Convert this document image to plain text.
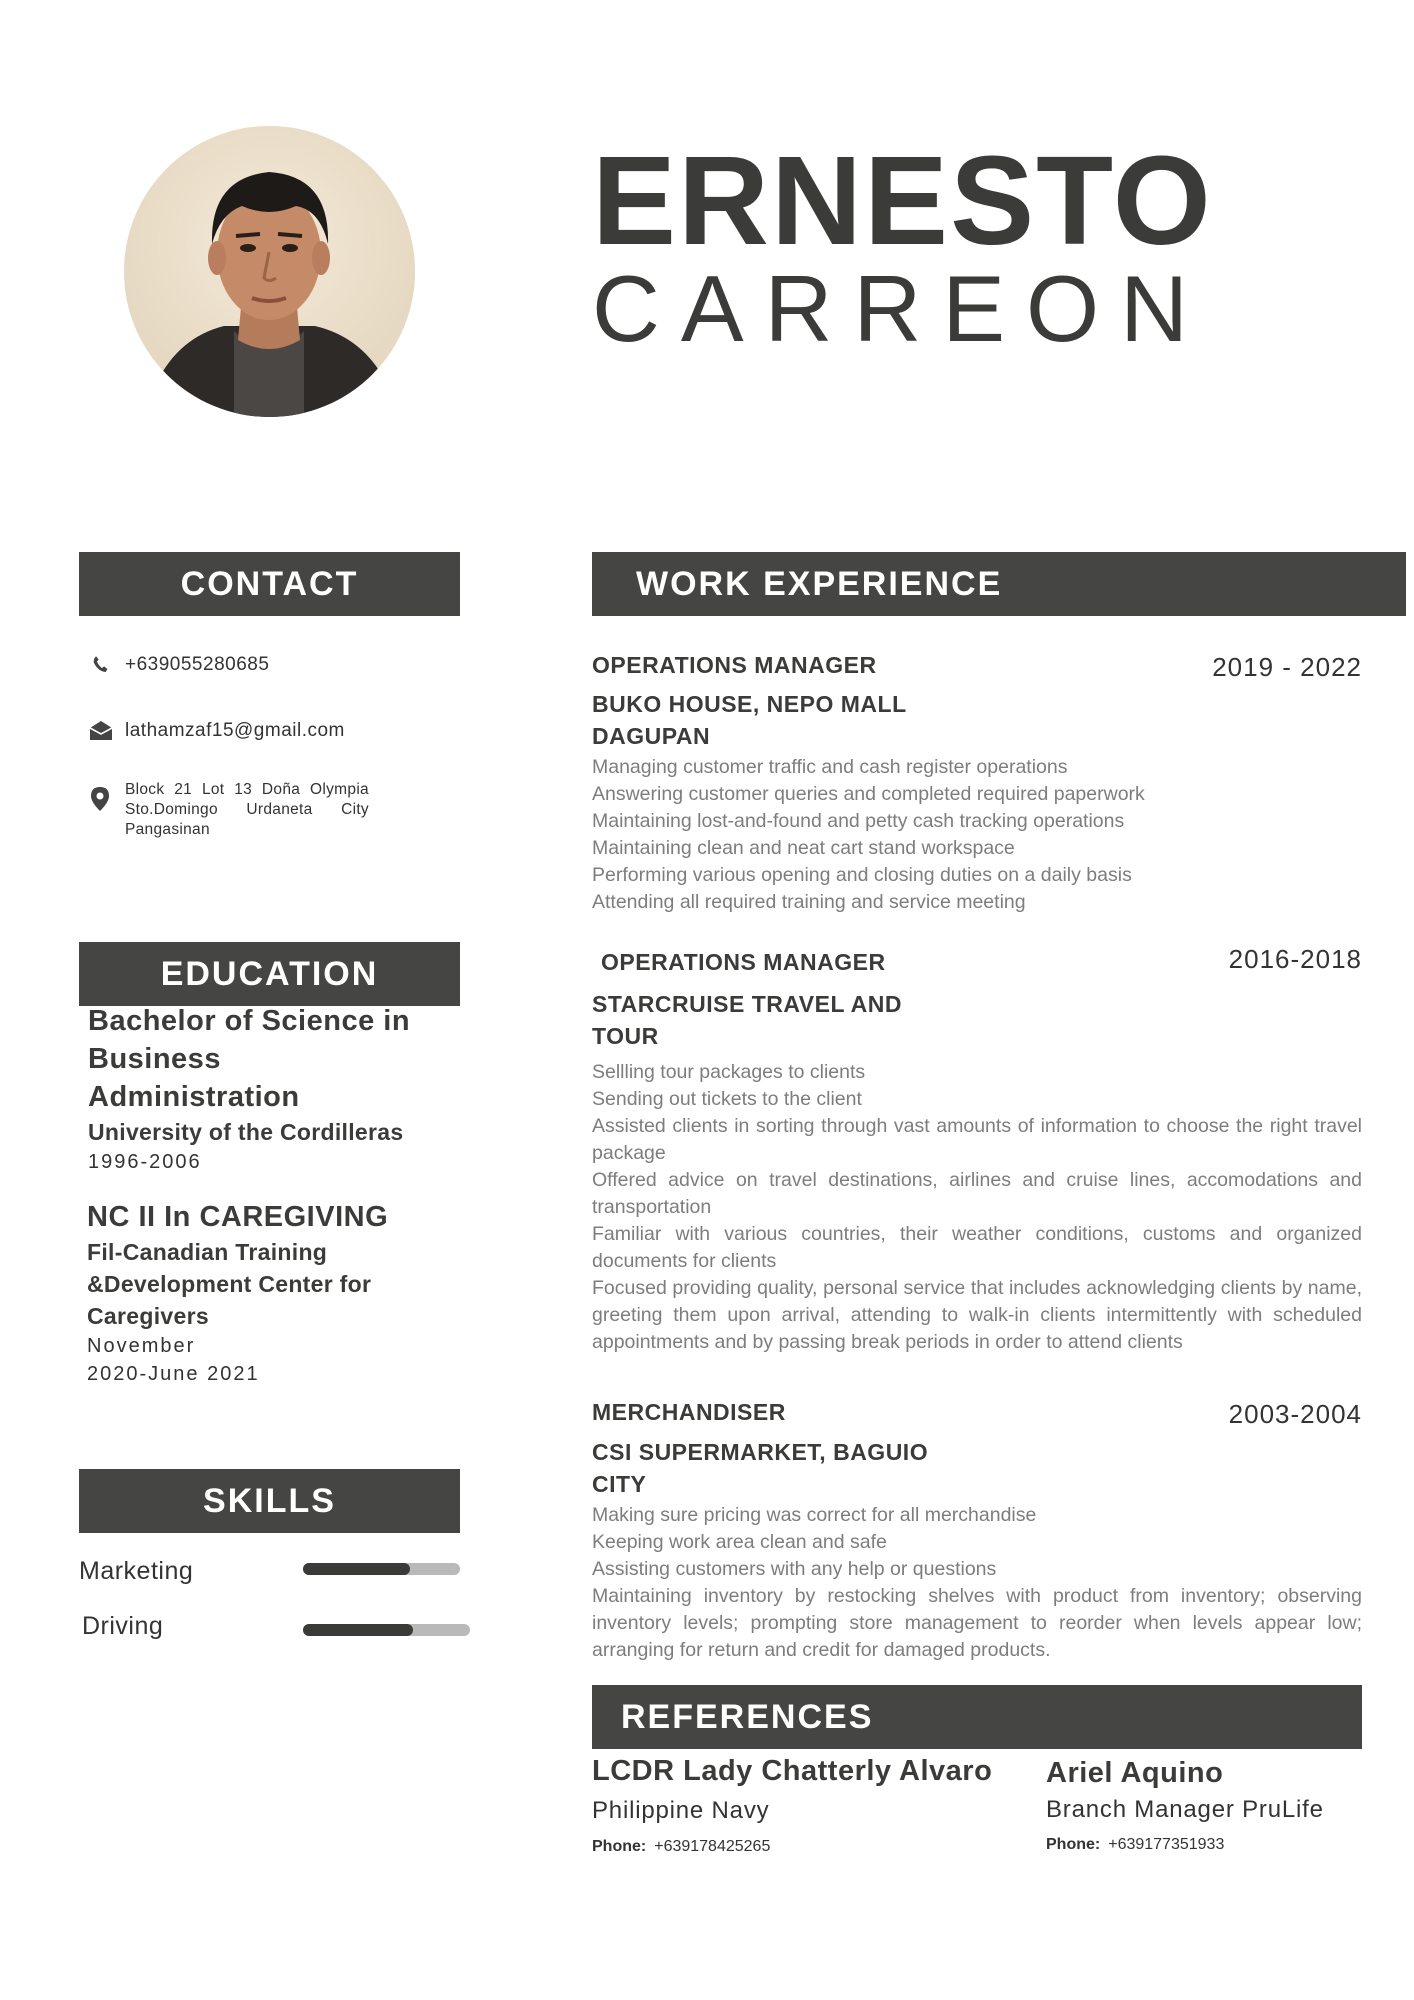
ERNESTO
CARREON
CONTACT
+639055280685
lathamzaf15@gmail.com
Block 21 Lot 13 Doña Olympia
Sto.Domingo Urdaneta City
Pangasinan
EDUCATION
Bachelor of Science in
Business
Administration
University of the Cordilleras
1996-2006
NC II In CAREGIVING
Fil-Canadian Training
&Development Center for
Caregivers
November
2020-June 2021
SKILLS
Marketing
Driving
WORK EXPERIENCE
OPERATIONS MANAGER	2019 - 2022
BUKO HOUSE, NEPO MALL
DAGUPAN
Managing customer traffic and cash register operations
Answering customer queries and completed required paperwork
Maintaining lost-and-found and petty cash tracking operations
Maintaining clean and neat cart stand workspace
Performing various opening and closing duties on a daily basis
Attending all required training and service meeting
OPERATIONS MANAGER	2016-2018
STARCRUISE TRAVEL AND
TOUR
Sellling tour packages to clients
Sending out tickets to the client
Assisted clients in sorting through vast amounts of information to choose the right travel package
Offered advice on travel destinations, airlines and cruise lines, accomodations and transportation
Familiar with various countries, their weather conditions, customs and organized documents for clients
Focused providing quality, personal service that includes acknowledging clients by name, greeting them upon arrival, attending to walk-in clients intermittently with scheduled appointments and by passing break periods in order to attend clients
MERCHANDISER	2003-2004
CSI SUPERMARKET, BAGUIO
CITY
Making sure pricing was correct for all merchandise
Keeping work area clean and safe
Assisting customers with any help or questions
Maintaining inventory by restocking shelves with product from inventory; observing inventory levels; prompting store management to reorder when levels appear low; arranging for return and credit for damaged products.
REFERENCES
LCDR Lady Chatterly Alvaro
Philippine Navy
Phone: +639178425265
Ariel Aquino
Branch Manager PruLife
Phone: +639177351933
